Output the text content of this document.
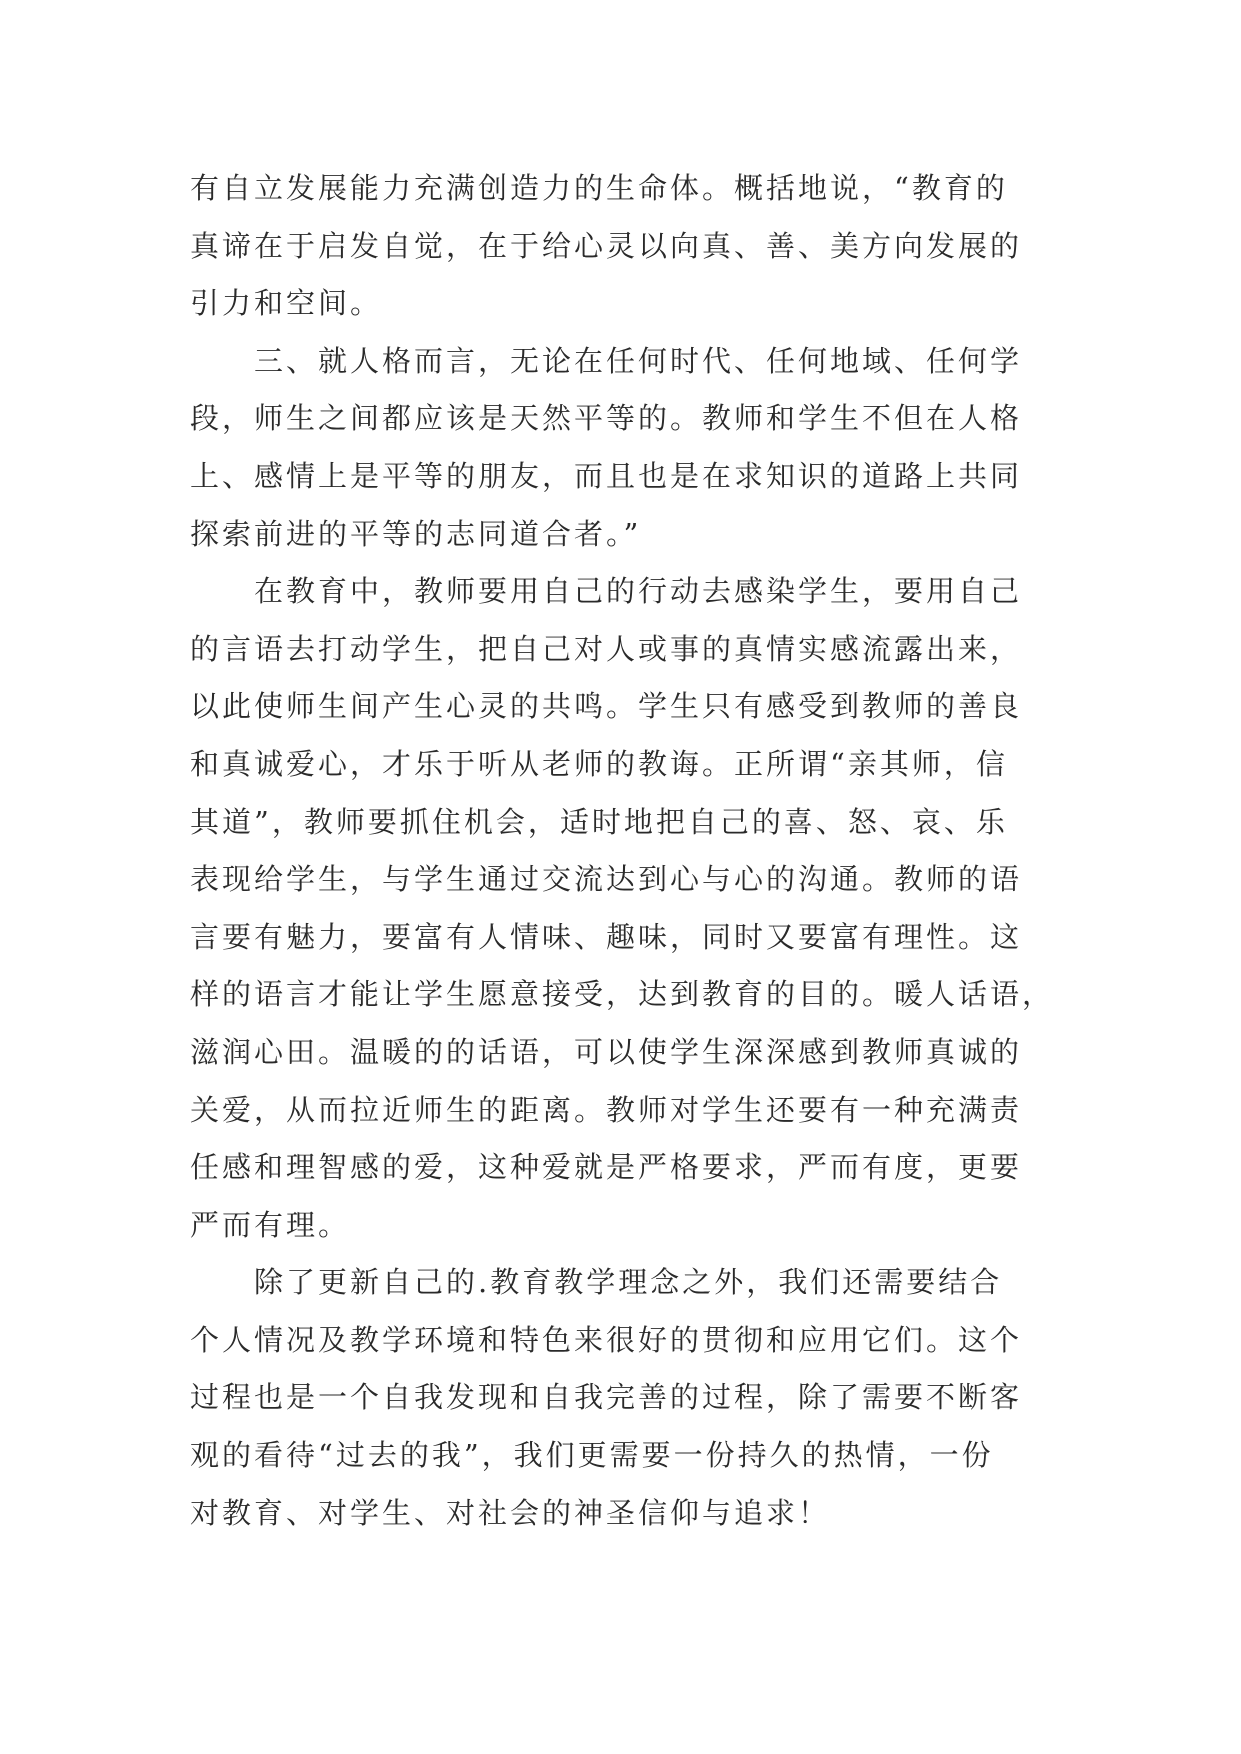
有自立发展能力充满创造力的生命体。概括地说，“教育的
真谛在于启发自觉，在于给心灵以向真、善、美方向发展的
引力和空间。
三、就人格而言，无论在任何时代、任何地域、任何学
段，师生之间都应该是天然平等的。教师和学生不但在人格
上、感情上是平等的朋友，而且也是在求知识的道路上共同
探索前进的平等的志同道合者。”
在教育中，教师要用自己的行动去感染学生，要用自己
的言语去打动学生，把自己对人或事的真情实感流露出来，
以此使师生间产生心灵的共鸣。学生只有感受到教师的善良
和真诚爱心，才乐于听从老师的教诲。正所谓“亲其师，信
其道”，教师要抓住机会，适时地把自己的喜、怒、哀、乐
表现给学生，与学生通过交流达到心与心的沟通。教师的语
言要有魅力，要富有人情味、趣味，同时又要富有理性。这
样的语言才能让学生愿意接受，达到教育的目的。暖人话语，
滋润心田。温暖的的话语，可以使学生深深感到教师真诚的
关爱，从而拉近师生的距离。教师对学生还要有一种充满责
任感和理智感的爱，这种爱就是严格要求，严而有度，更要
严而有理。
除了更新自己的.教育教学理念之外，我们还需要结合
个人情况及教学环境和特色来很好的贯彻和应用它们。这个
过程也是一个自我发现和自我完善的过程，除了需要不断客
观的看待“过去的我”，我们更需要一份持久的热情，一份
对教育、对学生、对社会的神圣信仰与追求！
